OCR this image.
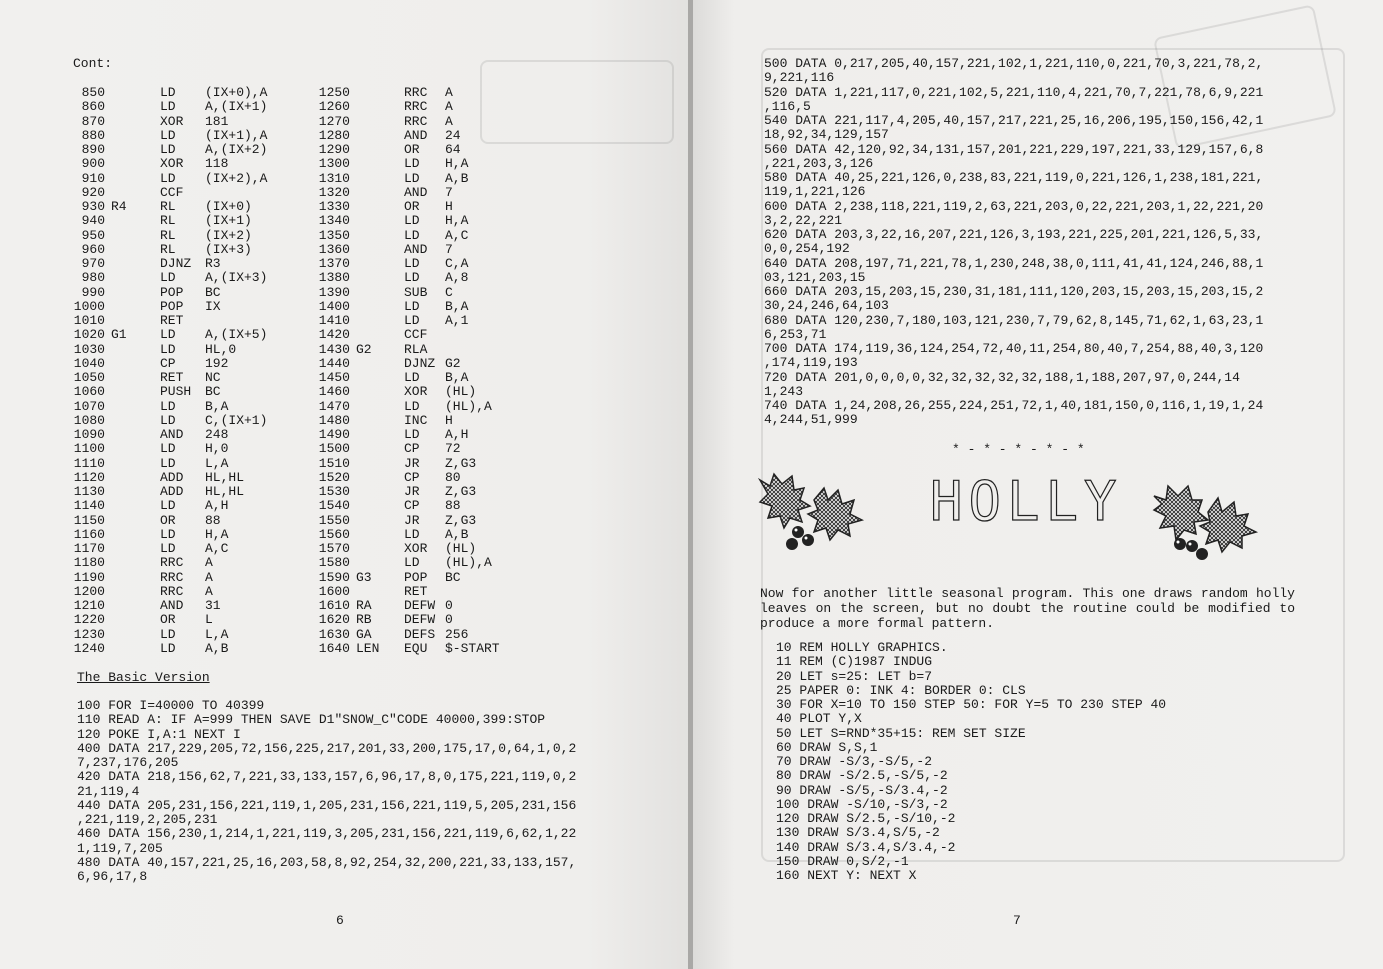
Cont:
850	LD	(IX+0),A
860	LD	A,(IX+1)
870	XOR	181
880	LD	(IX+1),A
890	LD	A,(IX+2)
900	XOR	118
910	LD	(IX+2),A
920	CCF
930 R4	RL	(IX+0)
940	RL	(IX+1)
950	RL	(IX+2)
960	RL	(IX+3)
970	DJNZ	R3
980	LD	A,(IX+3)
990	POP	BC
1000	POP	IX
1010	RET
1020 G1	LD	A,(IX+5)
1030	LD	HL,0
1040	CP	192
1050	RET	NC
1060	PUSH	BC
1070	LD	B,A
1080	LD	C,(IX+1)
1090	AND	248
1100	LD	H,0
1110	LD	L,A
1120	ADD	HL,HL
1130	ADD	HL,HL
1140	LD	A,H
1150	OR	88
1160	LD	H,A
1170	LD	A,C
1180	RRC	A
1190	RRC	A
1200	RRC	A
1210	AND	31
1220	OR	L
1230	LD	L,A
1240	LD	A,B
1250	RRC	A
1260	RRC	A
1270	RRC	A
1280	AND	24
1290	OR	64
1300	LD	H,A
1310	LD	A,B
1320	AND	7
1330	OR	H
1340	LD	H,A
1350	LD	A,C
1360	AND	7
1370	LD	C,A
1380	LD	A,8
1390	SUB	C
1400	LD	B,A
1410	LD	A,1
1420	CCF
1430 G2	RLA
1440	DJNZ G2
1450	LD	B,A
1460	XOR	(HL)
1470	LD	(HL),A
1480	INC	H
1490	LD	A,H
1500	CP	72
1510	JR	Z,G3
1520	CP	80
1530	JR	Z,G3
1540	CP	88
1550	JR	Z,G3
1560	LD	A,B
1570	XOR	(HL)
1580	LD	(HL),A
1590 G3	POP	BC
1600	RET
1610 RA	DEFW 0
1620 RB	DEFW 0
1630 GA	DEFS 256
1640 LEN	EQU	$-START
The Basic Version
100 FOR I=40000 TO 40399
110 READ A: IF A=999 THEN SAVE D1"SNOW_C"CODE 40000,399:STOP
120 POKE I,A:1 NEXT I
400 DATA 217,229,205,72,156,225,217,201,33,200,175,17,0,64,1,0,2
7,237,176,205
420 DATA 218,156,62,7,221,33,133,157,6,96,17,8,0,175,221,119,0,2
21,119,4
440 DATA 205,231,156,221,119,1,205,231,156,221,119,5,205,231,156
,221,119,2,205,231
460 DATA 156,230,1,214,1,221,119,3,205,231,156,221,119,6,62,1,22
1,119,7,205
480 DATA 40,157,221,25,16,203,58,8,92,254,32,200,221,33,133,157,
6,96,17,8
6
500 DATA 0,217,205,40,157,221,102,1,221,110,0,221,70,3,221,78,2,
9,221,116
520 DATA 1,221,117,0,221,102,5,221,110,4,221,70,7,221,78,6,9,221
,116,5
540 DATA 221,117,4,205,40,157,217,221,25,16,206,195,150,156,42,1
18,92,34,129,157
560 DATA 42,120,92,34,131,157,201,221,229,197,221,33,129,157,6,8
,221,203,3,126
580 DATA 40,25,221,126,0,238,83,221,119,0,221,126,1,238,181,221,
119,1,221,126
600 DATA 2,238,118,221,119,2,63,221,203,0,22,221,203,1,22,221,20
3,2,22,221
620 DATA 203,3,22,16,207,221,126,3,193,221,225,201,221,126,5,33,
0,0,254,192
640 DATA 208,197,71,221,78,1,230,248,38,0,111,41,41,124,246,88,1
03,121,203,15
660 DATA 203,15,203,15,230,31,181,111,120,203,15,203,15,203,15,2
30,24,246,64,103
680 DATA 120,230,7,180,103,121,230,7,79,62,8,145,71,62,1,63,23,1
6,253,71
700 DATA 174,119,36,124,254,72,40,11,254,80,40,7,254,88,40,3,120
,174,119,193
720 DATA 201,0,0,0,0,32,32,32,32,32,188,1,188,207,97,0,244,14
1,243
740 DATA 1,24,208,26,255,224,251,72,1,40,181,150,0,116,1,19,1,24
4,244,51,999
* - * - * - * - *
HOLLY
Now for another little seasonal program. This one draws random holly leaves on the screen, but no doubt the routine could be modified to produce a more formal pattern.
10 REM HOLLY GRAPHICS.
11 REM (C)1987 INDUG
20 LET s=25: LET b=7
25 PAPER 0: INK 4: BORDER 0: CLS
30 FOR X=10 TO 150 STEP 50: FOR Y=5 TO 230 STEP 40
40 PLOT Y,X
50 LET S=RND*35+15: REM SET SIZE
60 DRAW S,S,1
70 DRAW -S/3,-S/5,-2
80 DRAW -S/2.5,-S/5,-2
90 DRAW -S/5,-S/3.4,-2
100 DRAW -S/10,-S/3,-2
120 DRAW S/2.5,-S/10,-2
130 DRAW S/3.4,S/5,-2
140 DRAW S/3.4,S/3.4,-2
150 DRAW 0,S/2,-1
160 NEXT Y: NEXT X
7
